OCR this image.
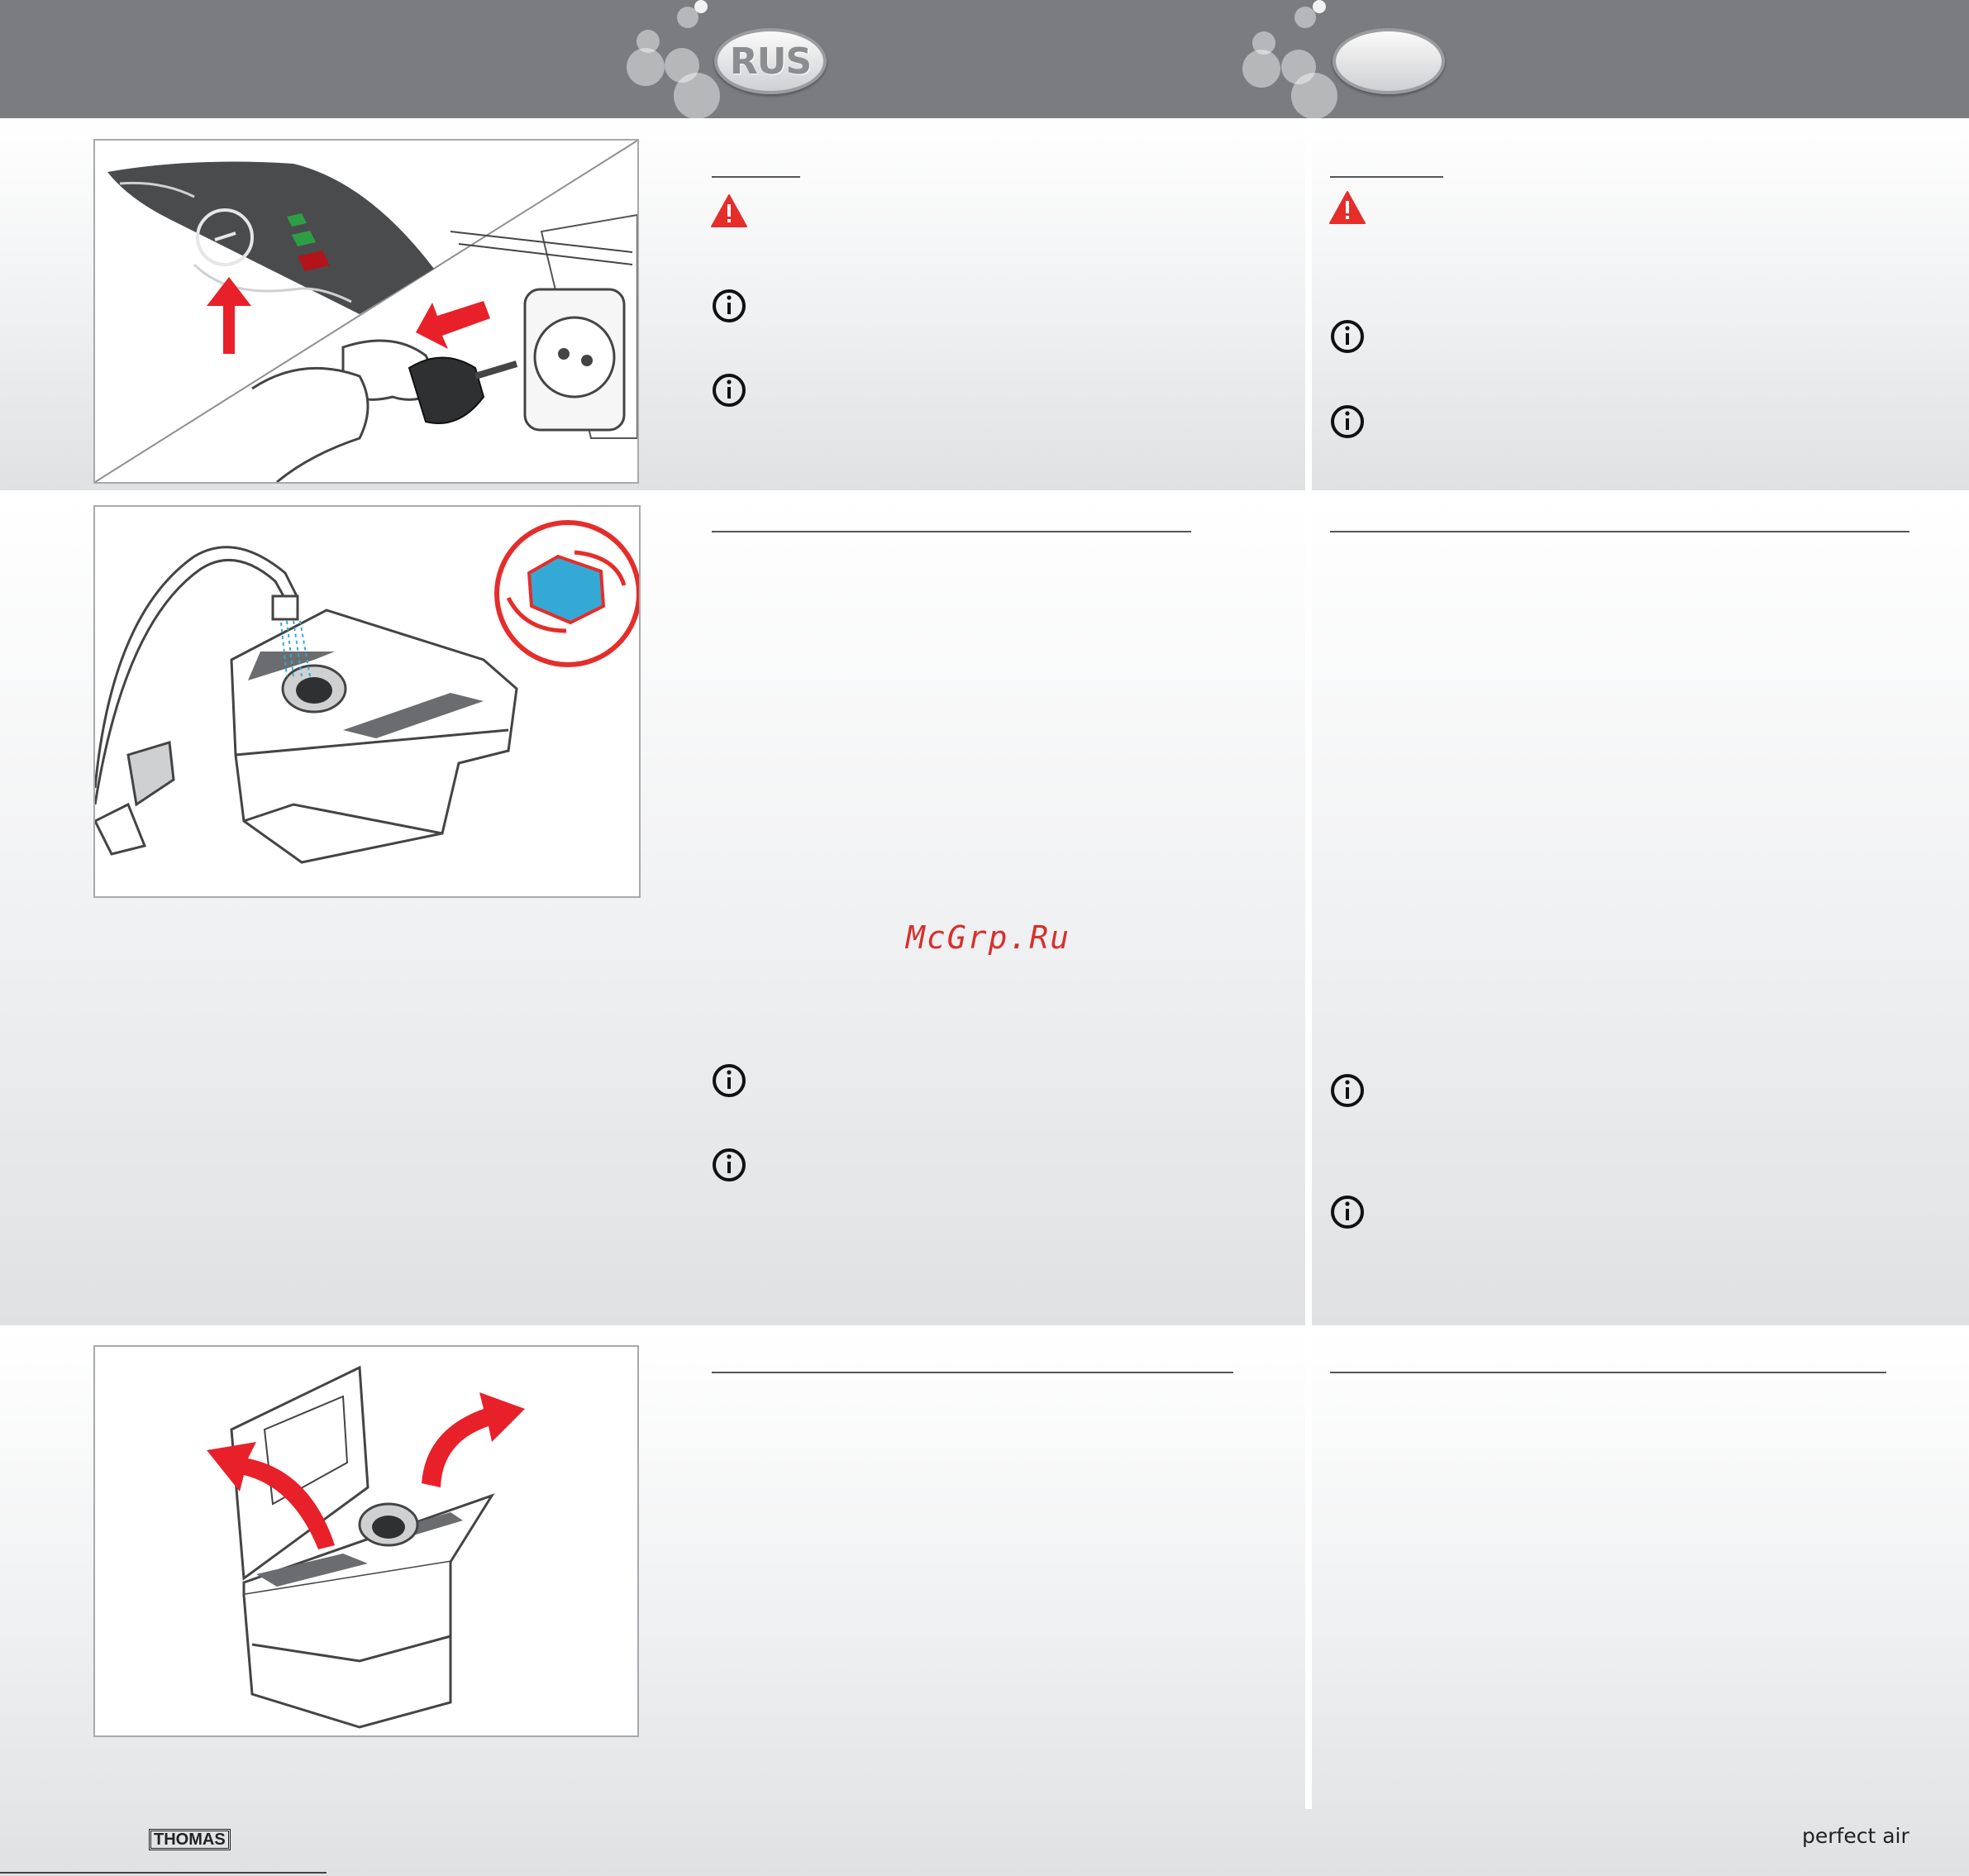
RUS
McGrp.Ru
THOMAS	perfect air
